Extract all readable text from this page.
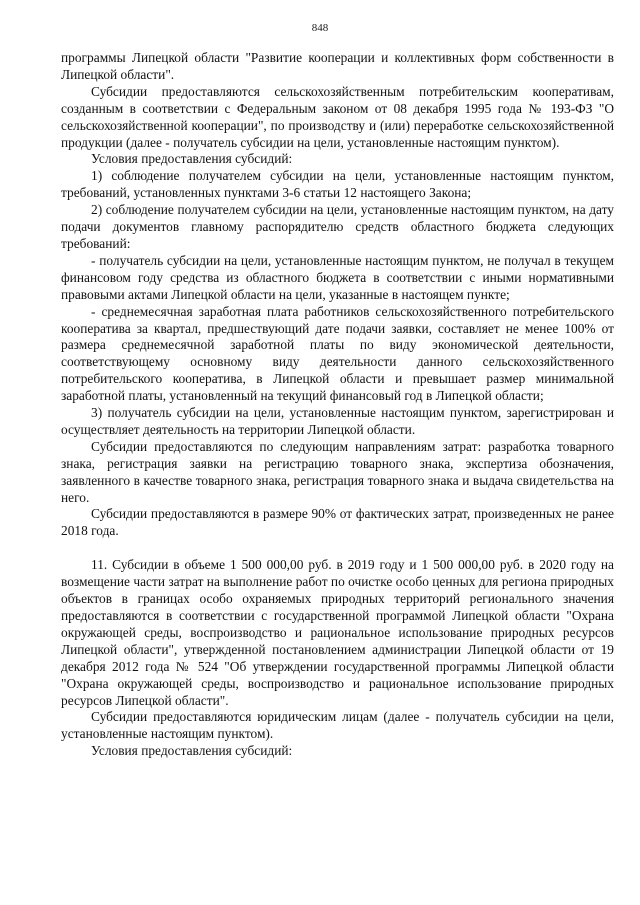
848

программы Липецкой области "Развитие кооперации и коллективных форм собственности в Липецкой области".

Субсидии предоставляются сельскохозяйственным потребительским кооперативам, созданным в соответствии с Федеральным законом от 08 декабря 1995 года № 193-ФЗ "О сельскохозяйственной кооперации", по производству и (или) переработке сельскохозяйственной продукции (далее - получатель субсидии на цели, установленные настоящим пунктом).

Условия предоставления субсидий:

1) соблюдение получателем субсидии на цели, установленные настоящим пунктом, требований, установленных пунктами 3-6 статьи 12 настоящего Закона;

2) соблюдение получателем субсидии на цели, установленные настоящим пунктом, на дату подачи документов главному распорядителю средств областного бюджета следующих требований:

- получатель субсидии на цели, установленные настоящим пунктом, не получал в текущем финансовом году средства из областного бюджета в соответствии с иными нормативными правовыми актами Липецкой области на цели, указанные в настоящем пункте;

- среднемесячная заработная плата работников сельскохозяйственного потребительского кооператива за квартал, предшествующий дате подачи заявки, составляет не менее 100% от размера среднемесячной заработной платы по виду экономической деятельности, соответствующему основному виду деятельности данного сельскохозяйственного потребительского кооператива, в Липецкой области и превышает размер минимальной заработной платы, установленный на текущий финансовый год в Липецкой области;

3) получатель субсидии на цели, установленные настоящим пунктом, зарегистрирован и осуществляет деятельность на территории Липецкой области.

Субсидии предоставляются по следующим направлениям затрат: разработка товарного знака, регистрация заявки на регистрацию товарного знака, экспертиза обозначения, заявленного в качестве товарного знака, регистрация товарного знака и выдача свидетельства на него.

Субсидии предоставляются в размере 90% от фактических затрат, произведенных не ранее 2018 года.

11. Субсидии в объеме 1 500 000,00 руб. в 2019 году и 1 500 000,00 руб. в 2020 году на возмещение части затрат на выполнение работ по очистке особо ценных для региона природных объектов в границах особо охраняемых природных территорий регионального значения предоставляются в соответствии с государственной программой Липецкой области "Охрана окружающей среды, воспроизводство и рациональное использование природных ресурсов Липецкой области", утвержденной постановлением администрации Липецкой области от 19 декабря 2012 года № 524 "Об утверждении государственной программы Липецкой области "Охрана окружающей среды, воспроизводство и рациональное использование природных ресурсов Липецкой области".

Субсидии предоставляются юридическим лицам (далее - получатель субсидии на цели, установленные настоящим пунктом).

Условия предоставления субсидий:
